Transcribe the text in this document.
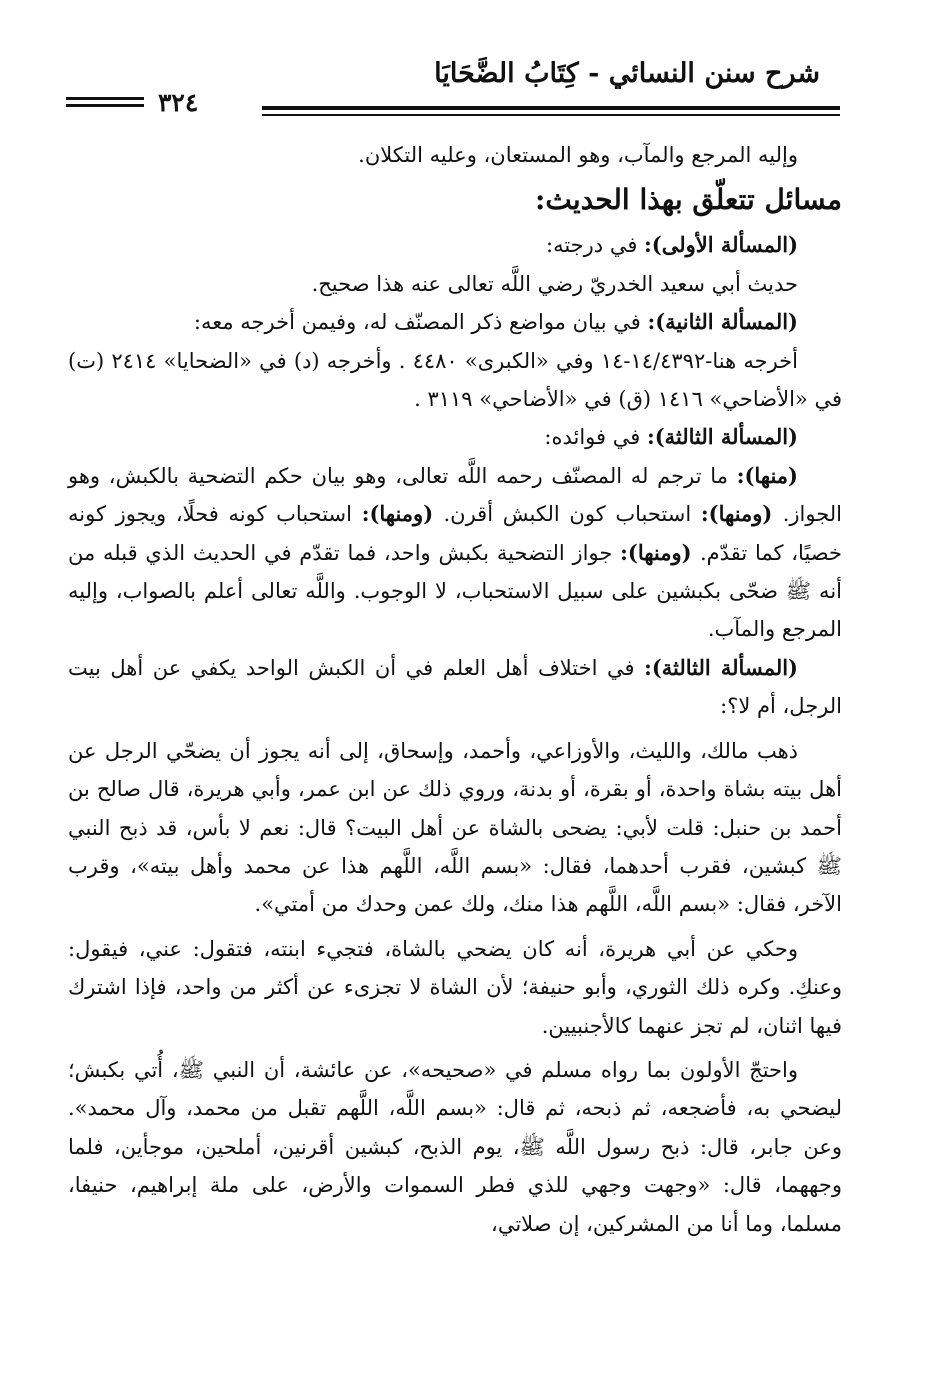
شرح سنن النسائي - كِتَابُ الضَّحَايَا
٣٢٤

وإليه المرجع والمآب، وهو المستعان، وعليه التكلان.

مسائل تتعلّق بهذا الحديث:

(المسألة الأولى): في درجته:

حديث أبي سعيد الخدريّ رضي اللَّه تعالى عنه هذا صحيح.

(المسألة الثانية): في بيان مواضع ذكر المصنّف له، وفيمن أخرجه معه:

أخرجه هنا-١٤/٤٣٩٢-١٤ وفي «الكبرى» ٤٤٨٠ . وأخرجه (د) في «الضحايا» ٢٤١٤ (ت) في «الأضاحي» ١٤١٦ (ق) في «الأضاحي» ٣١١٩ .

(المسألة الثالثة): في فوائده:

(منها): ما ترجم له المصنّف رحمه اللَّه تعالى، وهو بيان حكم التضحية بالكبش، وهو الجواز. (ومنها): استحباب كون الكبش أقرن. (ومنها): استحباب كونه فحلًا، ويجوز كونه خصيًا، كما تقدّم. (ومنها): جواز التضحية بكبش واحد، فما تقدّم في الحديث الذي قبله من أنه ﷺ ضحّى بكبشين على سبيل الاستحباب، لا الوجوب. واللَّه تعالى أعلم بالصواب، وإليه المرجع والمآب.

(المسألة الثالثة): في اختلاف أهل العلم في أن الكبش الواحد يكفي عن أهل بيت الرجل، أم لا؟:

ذهب مالك، والليث، والأوزاعي، وأحمد، وإسحاق، إلى أنه يجوز أن يضحّي الرجل عن أهل بيته بشاة واحدة، أو بقرة، أو بدنة، وروي ذلك عن ابن عمر، وأبي هريرة، قال صالح بن أحمد بن حنبل: قلت لأبي: يضحى بالشاة عن أهل البيت؟ قال: نعم لا بأس، قد ذبح النبي ﷺ كبشين، فقرب أحدهما، فقال: «بسم اللَّه، اللَّهم هذا عن محمد وأهل بيته»، وقرب الآخر، فقال: «بسم اللَّه، اللَّهم هذا منك، ولك عمن وحدك من أمتي».

وحكي عن أبي هريرة، أنه كان يضحي بالشاة، فتجيء ابنته، فتقول: عني، فيقول: وعنكِ. وكره ذلك الثوري، وأبو حنيفة؛ لأن الشاة لا تجزىء عن أكثر من واحد، فإذا اشترك فيها اثنان، لم تجز عنهما كالأجنبيين.

واحتجّ الأولون بما رواه مسلم في «صحيحه»، عن عائشة، أن النبي ﷺ، أُتي بكبش؛ ليضحي به، فأضجعه، ثم ذبحه، ثم قال: «بسم اللَّه، اللَّهم تقبل من محمد، وآل محمد». وعن جابر، قال: ذبح رسول اللَّه ﷺ، يوم الذبح، كبشين أقرنين، أملحين، موجأين، فلما وجههما، قال: «وجهت وجهي للذي فطر السموات والأرض، على ملة إبراهيم، حنيفا، مسلما، وما أنا من المشركين، إن صلاتي،
